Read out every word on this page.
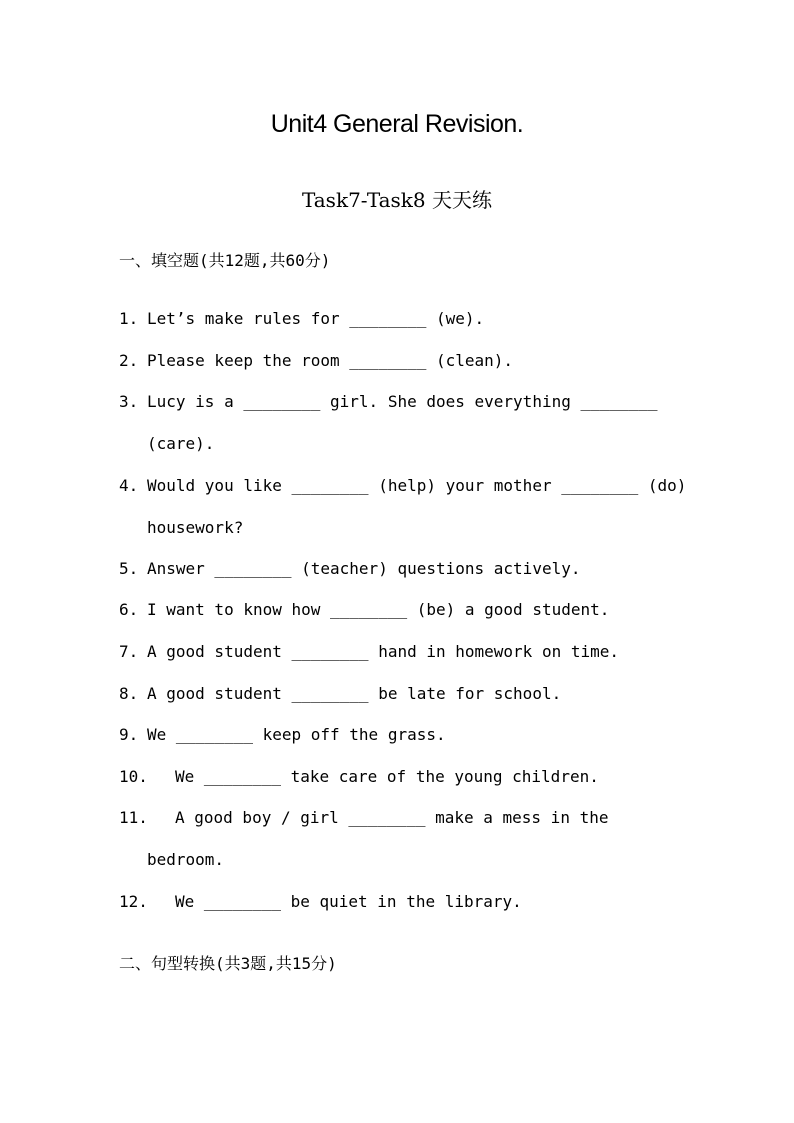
Unit4 General Revision.
Task7-Task8 天天练
一、填空题(共12题,共60分)
1. Let’s make rules for ________ (we).
2. Please keep the room ________ (clean).
3. Lucy is a ________ girl. She does everything ________
(care).
4. Would you like ________ (help) your mother ________ (do)
housework?
5. Answer ________ (teacher) questions actively.
6. I want to know how ________ (be) a good student.
7. A good student ________ hand in homework on time.
8. A good student ________ be late for school.
9. We ________ keep off the grass.
10. We ________ take care of the young children.
11. A good boy / girl ________ make a mess in the
bedroom.
12. We ________ be quiet in the library.
二、句型转换(共3题,共15分)
